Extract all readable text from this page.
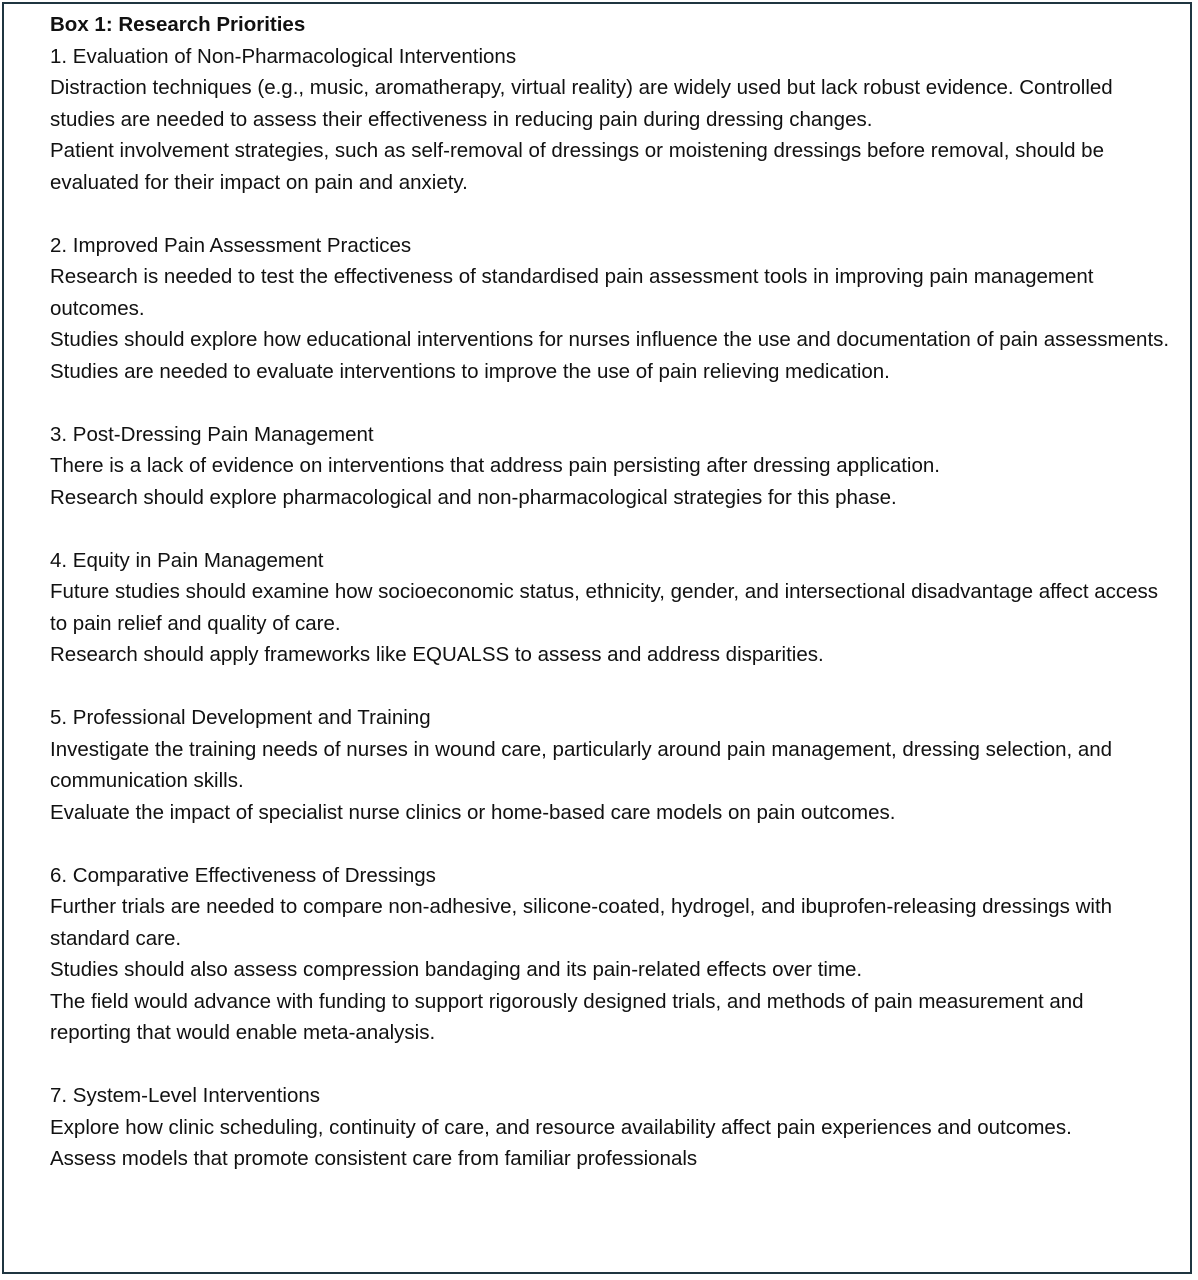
Box 1: Research Priorities

1. Evaluation of Non-Pharmacological Interventions

Distraction techniques (e.g., music, aromatherapy, virtual reality) are widely used but lack robust evidence. Controlled studies are needed to assess their effectiveness in reducing pain during dressing changes.

Patient involvement strategies, such as self-removal of dressings or moistening dressings before removal, should be evaluated for their impact on pain and anxiety.

2. Improved Pain Assessment Practices

Research is needed to test the effectiveness of standardised pain assessment tools in improving pain management outcomes.

Studies should explore how educational interventions for nurses influence the use and documentation of pain assessments.

Studies are needed to evaluate interventions to improve the use of pain relieving medication.

3. Post-Dressing Pain Management

There is a lack of evidence on interventions that address pain persisting after dressing application.

Research should explore pharmacological and non-pharmacological strategies for this phase.

4. Equity in Pain Management

Future studies should examine how socioeconomic status, ethnicity, gender, and intersectional disadvantage affect access to pain relief and quality of care.

Research should apply frameworks like EQUALSS to assess and address disparities.

5. Professional Development and Training

Investigate the training needs of nurses in wound care, particularly around pain management, dressing selection, and communication skills.

Evaluate the impact of specialist nurse clinics or home-based care models on pain outcomes.

6. Comparative Effectiveness of Dressings

Further trials are needed to compare non-adhesive, silicone-coated, hydrogel, and ibuprofen-releasing dressings with standard care.

Studies should also assess compression bandaging and its pain-related effects over time.

The field would advance with funding to support rigorously designed trials, and methods of pain measurement and reporting that would enable meta-analysis.

7. System-Level Interventions

Explore how clinic scheduling, continuity of care, and resource availability affect pain experiences and outcomes.

Assess models that promote consistent care from familiar professionals
